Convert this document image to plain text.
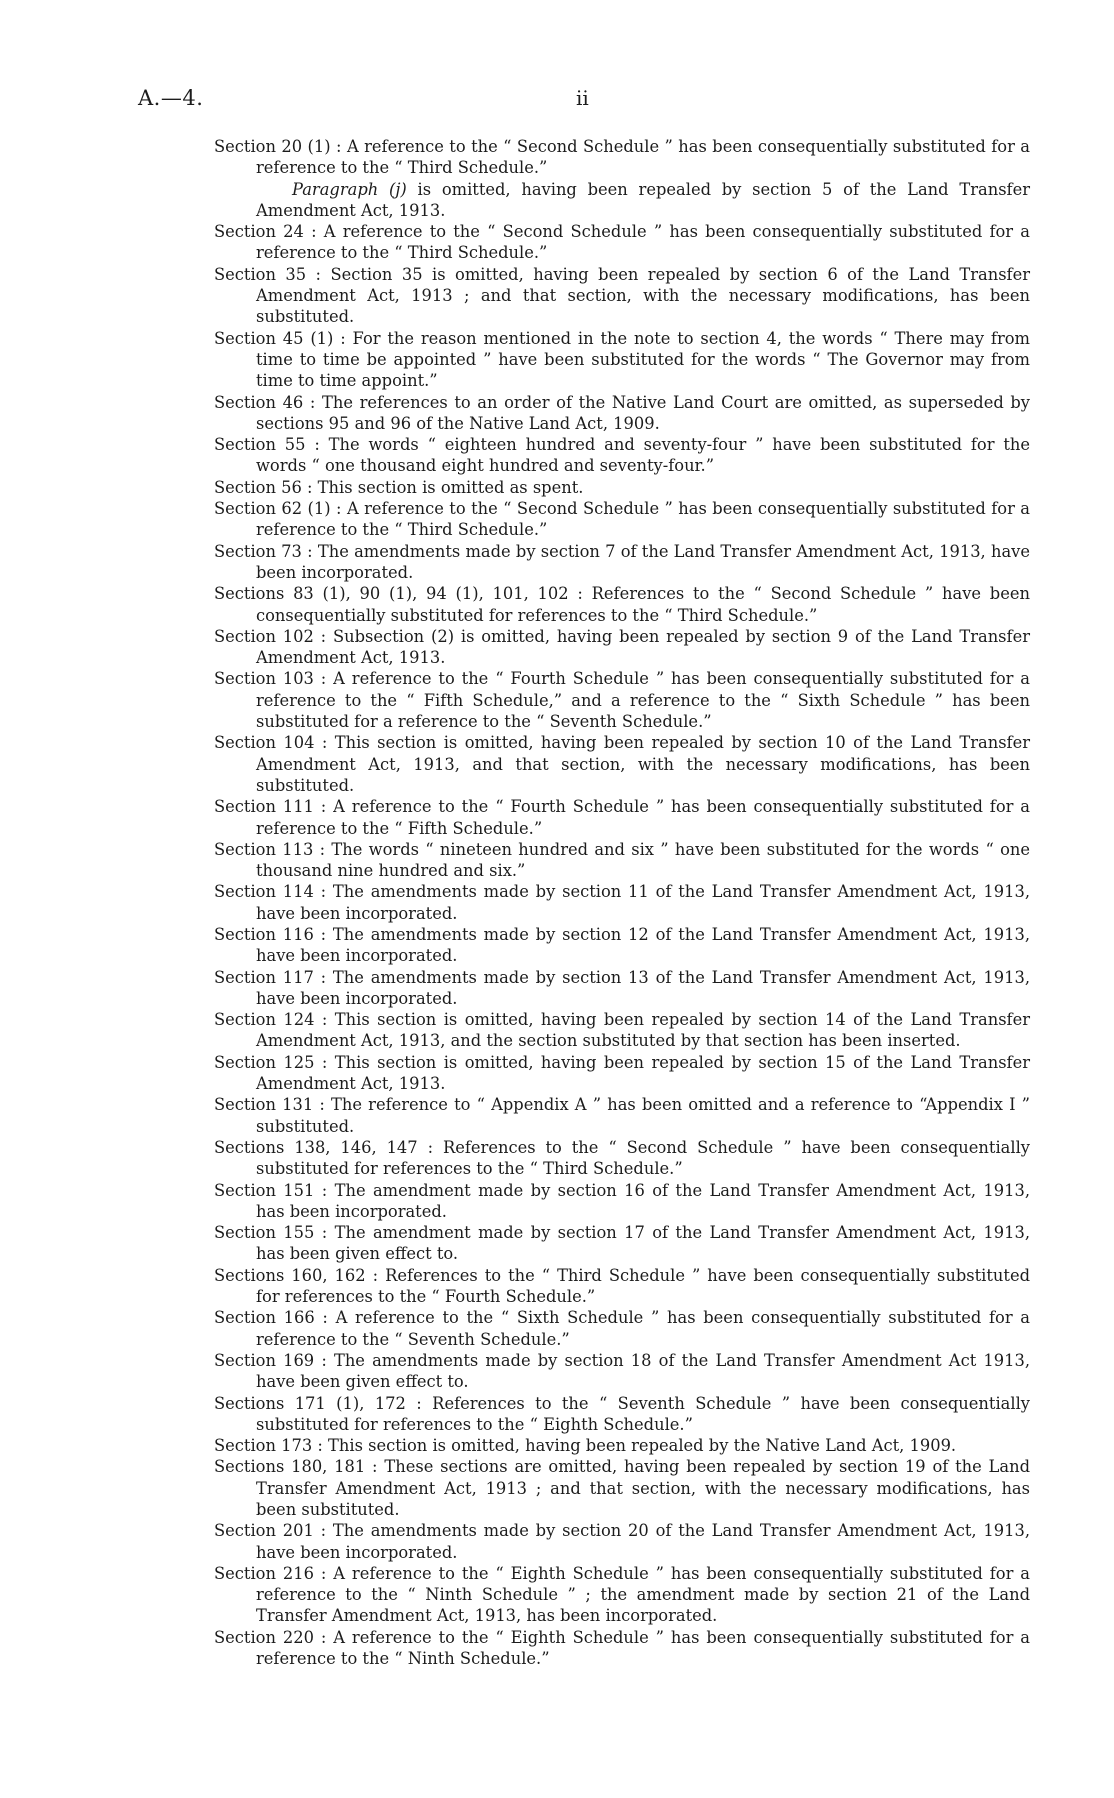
A.—4.	ii

Section 20 (1) : A reference to the “ Second Schedule ” has been consequentially substituted for a reference to the “ Third Schedule.”

Paragraph (j) is omitted, having been repealed by section 5 of the Land Transfer Amendment Act, 1913.

Section 24 : A reference to the “ Second Schedule ” has been consequentially substituted for a reference to the “ Third Schedule.”

Section 35 : Section 35 is omitted, having been repealed by section 6 of the Land Transfer Amendment Act, 1913 ; and that section, with the necessary modifications, has been substituted.

Section 45 (1) : For the reason mentioned in the note to section 4, the words “ There may from time to time be appointed ” have been substituted for the words “ The Governor may from time to time appoint.”

Section 46 : The references to an order of the Native Land Court are omitted, as superseded by sections 95 and 96 of the Native Land Act, 1909.

Section 55 : The words “ eighteen hundred and seventy-four ” have been substituted for the words “ one thousand eight hundred and seventy-four.”

Section 56 : This section is omitted as spent.

Section 62 (1) : A reference to the “ Second Schedule ” has been consequentially substituted for a reference to the “ Third Schedule.”

Section 73 : The amendments made by section 7 of the Land Transfer Amendment Act, 1913, have been incorporated.

Sections 83 (1), 90 (1), 94 (1), 101, 102 : References to the “ Second Schedule ” have been consequentially substituted for references to the “ Third Schedule.”

Section 102 : Subsection (2) is omitted, having been repealed by section 9 of the Land Transfer Amendment Act, 1913.

Section 103 : A reference to the “ Fourth Schedule ” has been consequentially substituted for a reference to the “ Fifth Schedule,” and a reference to the “ Sixth Schedule ” has been substituted for a reference to the “ Seventh Schedule.”

Section 104 : This section is omitted, having been repealed by section 10 of the Land Transfer Amendment Act, 1913, and that section, with the necessary modifications, has been substituted.

Section 111 : A reference to the “ Fourth Schedule ” has been consequentially substituted for a reference to the “ Fifth Schedule.”

Section 113 : The words “ nineteen hundred and six ” have been substituted for the words “ one thousand nine hundred and six.”

Section 114 : The amendments made by section 11 of the Land Transfer Amendment Act, 1913, have been incorporated.

Section 116 : The amendments made by section 12 of the Land Transfer Amendment Act, 1913, have been incorporated.

Section 117 : The amendments made by section 13 of the Land Transfer Amendment Act, 1913, have been incorporated.

Section 124 : This section is omitted, having been repealed by section 14 of the Land Transfer Amendment Act, 1913, and the section substituted by that section has been inserted.

Section 125 : This section is omitted, having been repealed by section 15 of the Land Transfer Amendment Act, 1913.

Section 131 : The reference to “ Appendix A ” has been omitted and a reference to “Appendix I ” substituted.

Sections 138, 146, 147 : References to the “ Second Schedule ” have been consequentially substituted for references to the “ Third Schedule.”

Section 151 : The amendment made by section 16 of the Land Transfer Amendment Act, 1913, has been incorporated.

Section 155 : The amendment made by section 17 of the Land Transfer Amendment Act, 1913, has been given effect to.

Sections 160, 162 : References to the “ Third Schedule ” have been consequentially substituted for references to the “ Fourth Schedule.”

Section 166 : A reference to the “ Sixth Schedule ” has been consequentially substituted for a reference to the “ Seventh Schedule.”

Section 169 : The amendments made by section 18 of the Land Transfer Amendment Act 1913, have been given effect to.

Sections 171 (1), 172 : References to the “ Seventh Schedule ” have been consequentially substituted for references to the “ Eighth Schedule.”

Section 173 : This section is omitted, having been repealed by the Native Land Act, 1909.

Sections 180, 181 : These sections are omitted, having been repealed by section 19 of the Land Transfer Amendment Act, 1913 ; and that section, with the necessary modifications, has been substituted.

Section 201 : The amendments made by section 20 of the Land Transfer Amendment Act, 1913, have been incorporated.

Section 216 : A reference to the “ Eighth Schedule ” has been consequentially substituted for a reference to the “ Ninth Schedule ” ; the amendment made by section 21 of the Land Transfer Amendment Act, 1913, has been incorporated.

Section 220 : A reference to the “ Eighth Schedule ” has been consequentially substituted for a reference to the “ Ninth Schedule.”
